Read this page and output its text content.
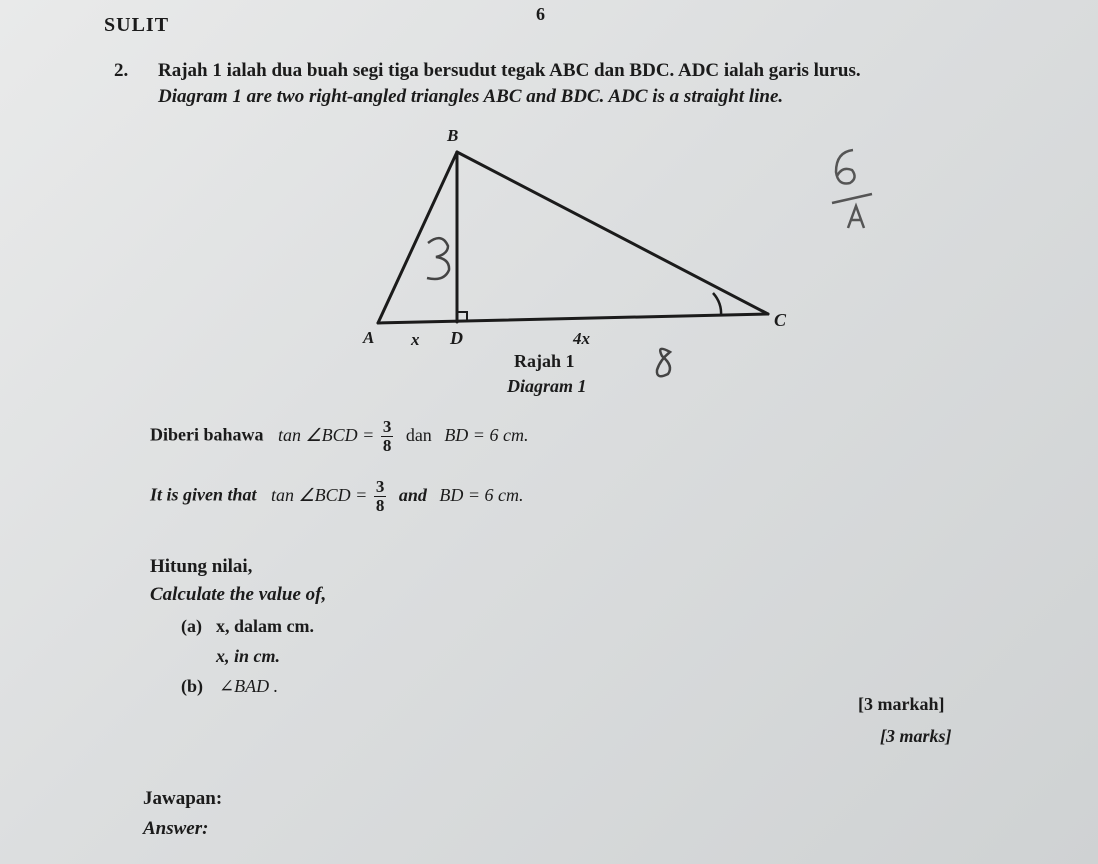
SULIT	6
2. Rajah 1 ialah dua buah segi tiga bersudut tegak ABC dan BDC. ADC ialah garis lurus.
Diagram 1 are two right-angled triangles ABC and BDC. ADC is a straight line.
B
A x D	4x
C
Rajah 1
Diagram 1
Diberi bahawa tan ∠BCD = $\frac{3}{8}$ dan BD = 6 cm.
It is given that tan ∠BCD = $\frac{3}{8}$ and BD = 6 cm.
Hitung nilai,
Calculate the value of,
(a) x, dalam cm.
x, in cm.
(b) ∠BAD .
[3 markah]
[3 marks]
Jawapan:
Answer:
